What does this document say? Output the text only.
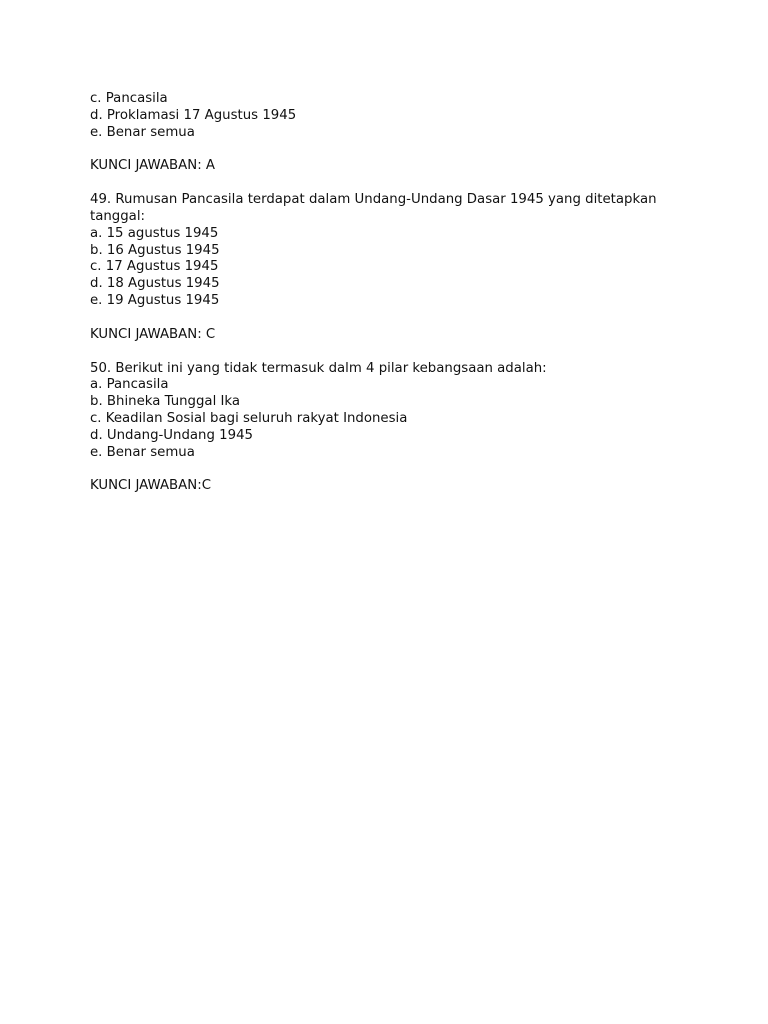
c. Pancasila

d. Proklamasi 17 Agustus 1945

e. Benar semua

KUNCI JAWABAN: A

49. Rumusan Pancasila terdapat dalam Undang-Undang Dasar 1945 yang ditetapkan tanggal:

a. 15 agustus 1945

b. 16 Agustus 1945

c. 17 Agustus 1945

d. 18 Agustus 1945

e. 19 Agustus 1945

KUNCI JAWABAN: C

50. Berikut ini yang tidak termasuk dalm 4 pilar kebangsaan adalah:

a. Pancasila

b. Bhineka Tunggal Ika

c. Keadilan Sosial bagi seluruh rakyat Indonesia

d. Undang-Undang 1945

e. Benar semua

KUNCI JAWABAN:C
